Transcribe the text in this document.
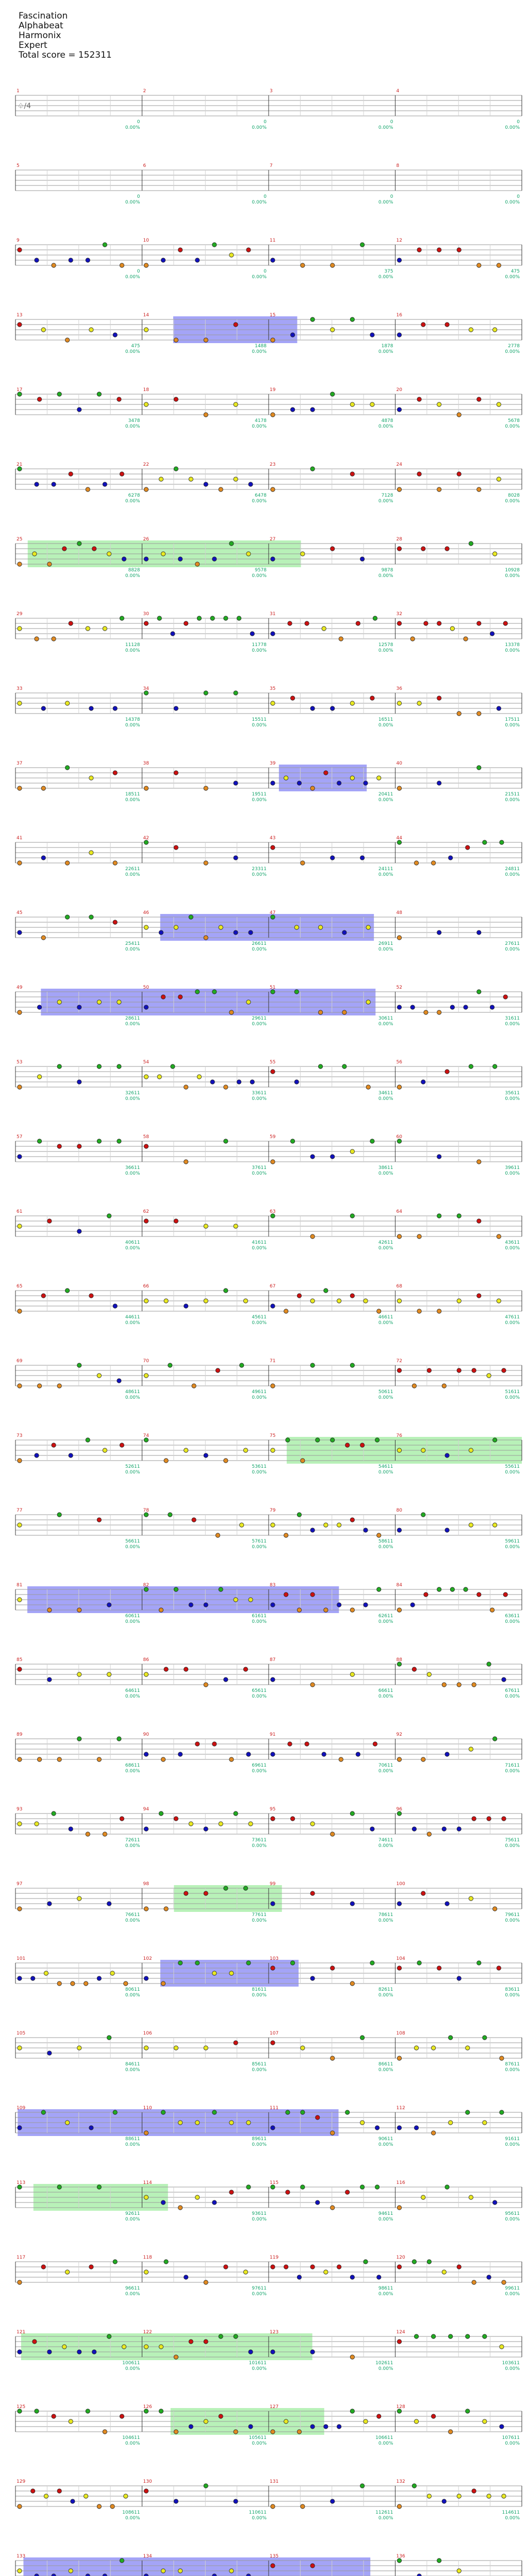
Fascination
Alphabeat
Harmonix
Expert
Total score = 152311
1
0
0.00%
2
0
0.00%
3
0
0.00%
4
0
0.00%
5
0
0.00%
6
0
0.00%
7
0
0.00%
8
0
0.00%
9
0
0.00%
10
0
0.00%
11
375
0.00%
12
475
0.00%
13
475
0.00%
14
1488
0.00%
15
1878
0.00%
16
2778
0.00%
17
3478
0.00%
18
4178
0.00%
19
4878
0.00%
20
5678
0.00%
21
6278
0.00%
22
6478
0.00%
23
7128
0.00%
24
8028
0.00%
25
8828
0.00%
26
9578
0.00%
27
9878
0.00%
28
10928
0.00%
29
11128
0.00%
30
11778
0.00%
31
12578
0.00%
32
13378
0.00%
33
14378
0.00%
34
15511
0.00%
35
16511
0.00%
36
17511
0.00%
37
18511
0.00%
38
19511
0.00%
39
20411
0.00%
40
21511
0.00%
41
22611
0.00%
42
23311
0.00%
43
24111
0.00%
44
24811
0.00%
45
25411
0.00%
46
26611
0.00%
47
26911
0.00%
48
27611
0.00%
49
28611
0.00%
50
29611
0.00%
51
30611
0.00%
52
31611
0.00%
53
32611
0.00%
54
33611
0.00%
55
34611
0.00%
56
35611
0.00%
57
36611
0.00%
58
37611
0.00%
59
38611
0.00%
60
39611
0.00%
61
40611
0.00%
62
41611
0.00%
63
42611
0.00%
64
43611
0.00%
65
44611
0.00%
66
45611
0.00%
67
46611
0.00%
68
47611
0.00%
69
48611
0.00%
70
49611
0.00%
71
50611
0.00%
72
51611
0.00%
73
52611
0.00%
74
53611
0.00%
75
54611
0.00%
76
55611
0.00%
77
56611
0.00%
78
57611
0.00%
79
58611
0.00%
80
59611
0.00%
81
60611
0.00%
82
61611
0.00%
83
62611
0.00%
84
63611
0.00%
85
64611
0.00%
86
65611
0.00%
87
66611
0.00%
88
67611
0.00%
89
68611
0.00%
90
69611
0.00%
91
70611
0.00%
92
71611
0.00%
93
72611
0.00%
94
73611
0.00%
95
74611
0.00%
96
75611
0.00%
97
76611
0.00%
98
77611
0.00%
99
78611
0.00%
100
79611
0.00%
101
80611
0.00%
102
81611
0.00%
103
82611
0.00%
104
83611
0.00%
105
84611
0.00%
106
85611
0.00%
107
86611
0.00%
108
87611
0.00%
109
88611
0.00%
110
89611
0.00%
111
90611
0.00%
112
91611
0.00%
113
92611
0.00%
114
93611
0.00%
115
94611
0.00%
116
95611
0.00%
117
96611
0.00%
118
97611
0.00%
119
98611
0.00%
120
99611
0.00%
121
100611
0.00%
122
101611
0.00%
123
102611
0.00%
124
103611
0.00%
125
104611
0.00%
126
105611
0.00%
127
106611
0.00%
128
107611
0.00%
129
108611
0.00%
130
110611
0.00%
131
112611
0.00%
132
114611
0.00%
133	134	135	136
♤/4
